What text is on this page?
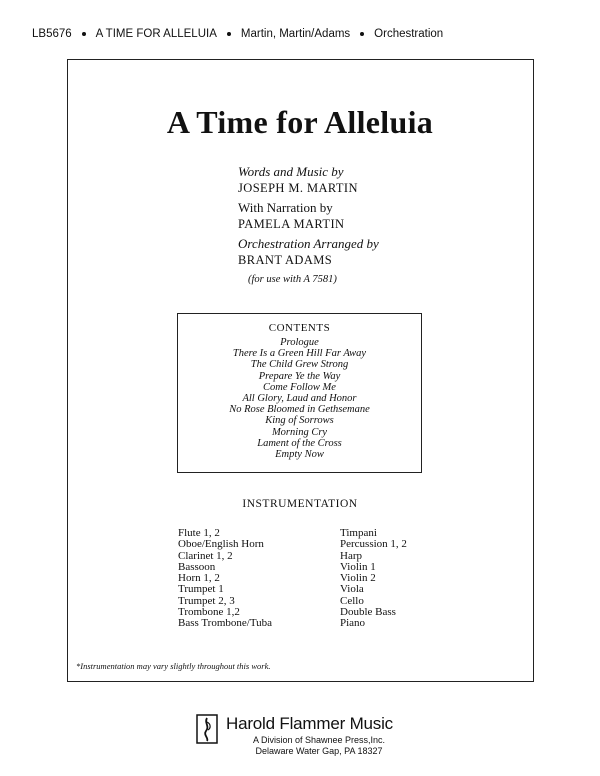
LB5676 A TIME FOR ALLELUIA Martin, Martin/Adams Orchestration
A Time for Alleluia
Words and Music by
JOSEPH M. MARTIN
With Narration by
PAMELA MARTIN
Orchestration Arranged by
BRANT ADAMS
(for use with A 7581)
CONTENTS
Prologue
There Is a Green Hill Far Away
The Child Grew Strong
Prepare Ye the Way
Come Follow Me
All Glory, Laud and Honor
No Rose Bloomed in Gethsemane
King of Sorrows
Morning Cry
Lament of the Cross
Empty Now
INSTRUMENTATION
Flute 1, 2
Oboe/English Horn
Clarinet 1, 2
Bassoon
Horn 1, 2
Trumpet 1
Trumpet 2, 3
Trombone 1,2
Bass Trombone/Tuba
Timpani
Percussion 1, 2
Harp
Violin 1
Violin 2
Viola
Cello
Double Bass
Piano
*Instrumentation may vary slightly throughout this work.
Harold Flammer Music
A Division of Shawnee Press,Inc.
Delaware Water Gap, PA 18327
